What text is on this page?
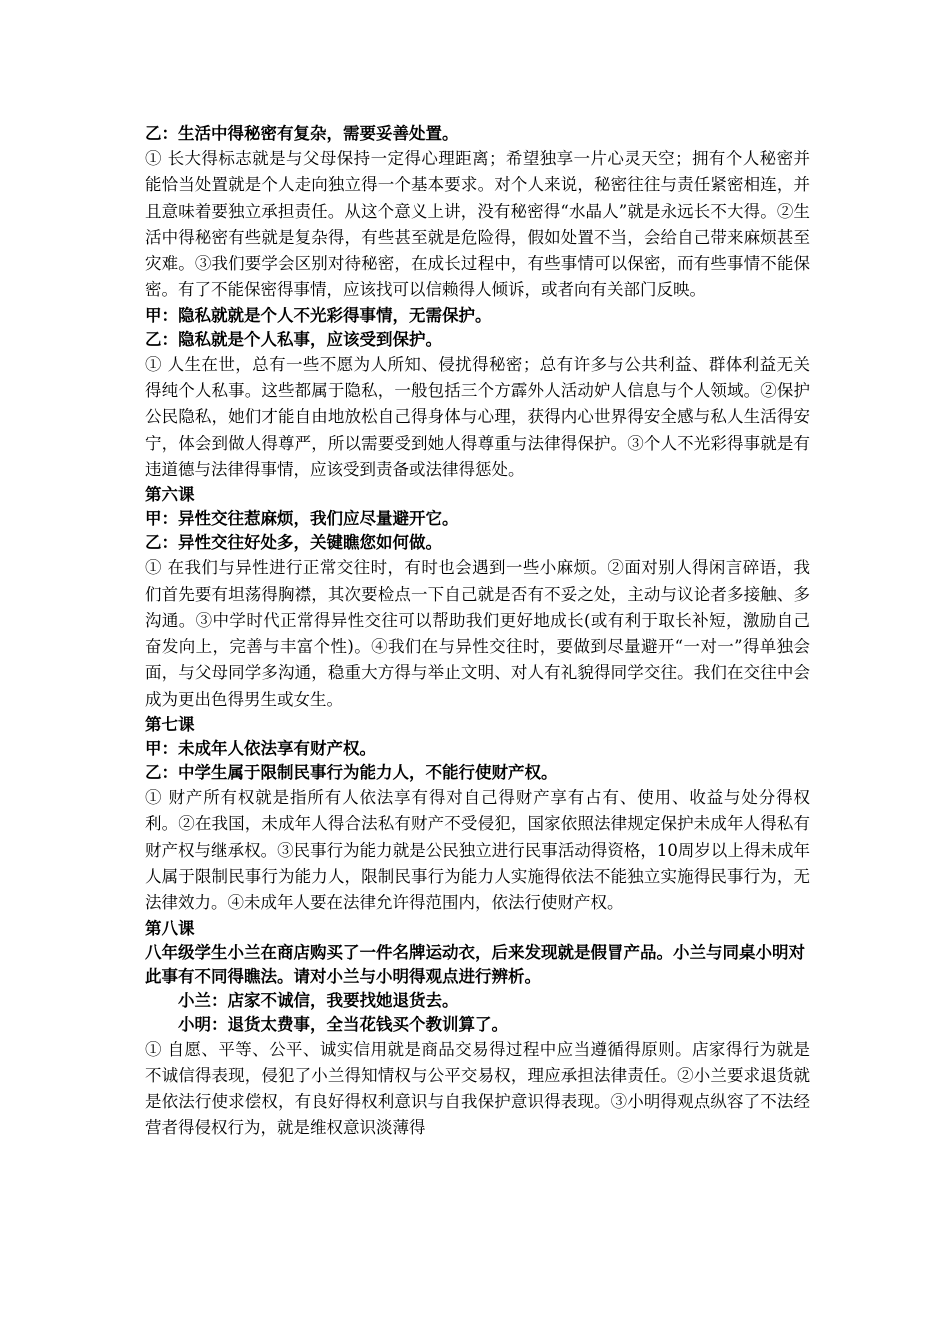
乙：生活中得秘密有复杂，需要妥善处置。

① 长大得标志就是与父母保持一定得心理距离；希望独享一片心灵天空；拥有个人秘密并能恰当处置就是个人走向独立得一个基本要求。对个人来说，秘密往往与责任紧密相连，并且意味着要独立承担责任。从这个意义上讲，没有秘密得“水晶人”就是永远长不大得。②生活中得秘密有些就是复杂得，有些甚至就是危险得，假如处置不当，会给自己带来麻烦甚至灾难。③我们要学会区别对待秘密，在成长过程中，有些事情可以保密，而有些事情不能保密。有了不能保密得事情，应该找可以信赖得人倾诉，或者向有关部门反映。

甲：隐私就就是个人不光彩得事情，无需保护。

乙：隐私就是个人私事，应该受到保护。

① 人生在世，总有一些不愿为人所知、侵扰得秘密；总有许多与公共利益、群体利益无关得纯个人私事。这些都属于隐私，一般包括三个方霹外人活动妒人信息与个人领域。②保护公民隐私，她们才能自由地放松自己得身体与心理，获得内心世界得安全感与私人生活得安宁，体会到做人得尊严，所以需要受到她人得尊重与法律得保护。③个人不光彩得事就是有违道德与法律得事情，应该受到责备或法律得惩处。

第六课

甲：异性交往惹麻烦，我们应尽量避开它。

乙：异性交往好处多，关键瞧您如何做。

① 在我们与异性进行正常交往时，有时也会遇到一些小麻烦。②面对别人得闲言碎语，我们首先要有坦荡得胸襟，其次要检点一下自己就是否有不妥之处，主动与议论者多接触、多沟通。③中学时代正常得异性交往可以帮助我们更好地成长(或有利于取长补短，激励自己奋发向上，完善与丰富个性)。④我们在与异性交往时，要做到尽量避开“一对一”得单独会面，与父母同学多沟通，稳重大方得与举止文明、对人有礼貌得同学交往。我们在交往中会成为更出色得男生或女生。

第七课

甲：未成年人依法享有财产权。

乙：中学生属于限制民事行为能力人，不能行使财产权。

① 财产所有权就是指所有人依法享有得对自己得财产享有占有、使用、收益与处分得权利。②在我国，未成年人得合法私有财产不受侵犯，国家依照法律规定保护未成年人得私有财产权与继承权。③民事行为能力就是公民独立进行民事活动得资格，10周岁以上得未成年人属于限制民事行为能力人，限制民事行为能力人实施得依法不能独立实施得民事行为，无法律效力。④未成年人要在法律允许得范围内，依法行使财产权。

第八课

八年级学生小兰在商店购买了一件名牌运动衣，后来发现就是假冒产品。小兰与同桌小明对此事有不同得瞧法。请对小兰与小明得观点进行辨析。

小兰：店家不诚信，我要找她退货去。

小明：退货太费事，全当花钱买个教训算了。

① 自愿、平等、公平、诚实信用就是商品交易得过程中应当遵循得原则。店家得行为就是不诚信得表现，侵犯了小兰得知情权与公平交易权，理应承担法律责任。②小兰要求退货就是依法行使求偿权，有良好得权利意识与自我保护意识得表现。③小明得观点纵容了不法经营者得侵权行为，就是维权意识淡薄得
